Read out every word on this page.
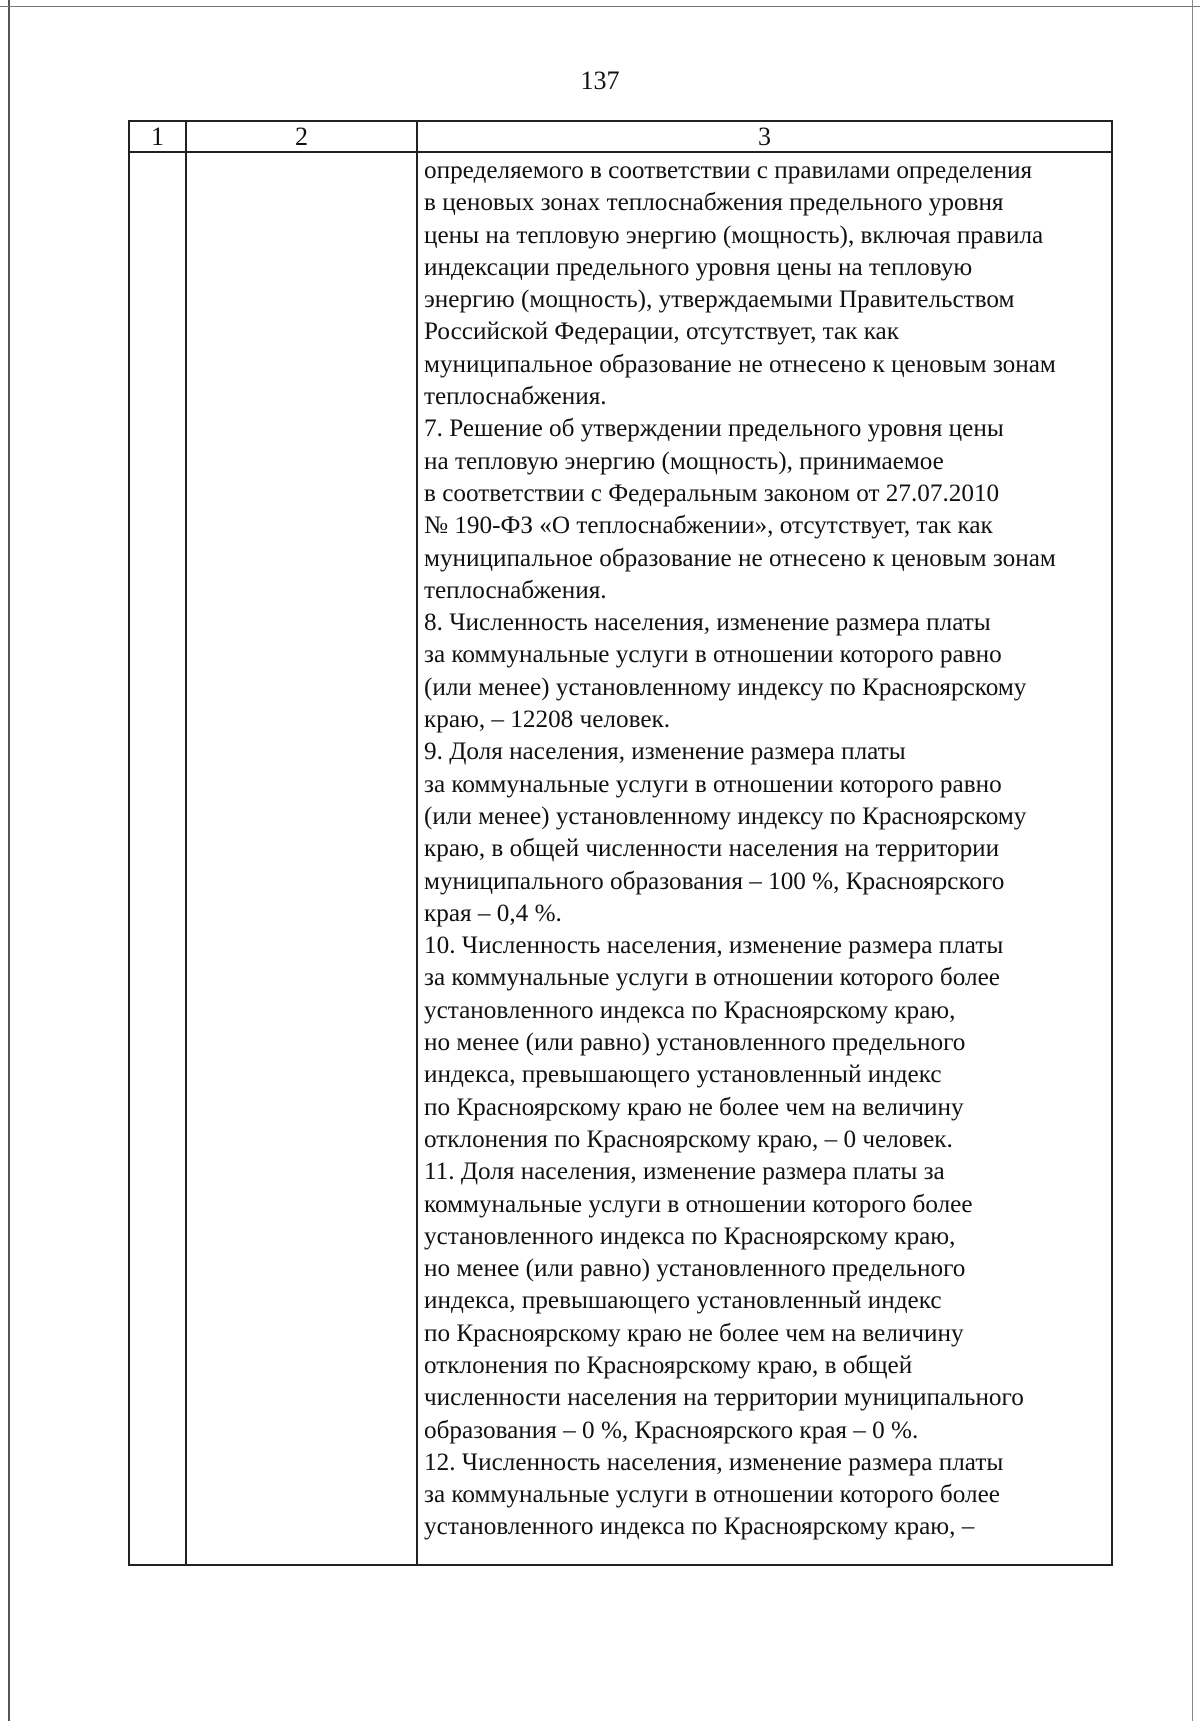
137
1	2	3
определяемого в соответствии с правилами определения
в ценовых зонах теплоснабжения предельного уровня
цены на тепловую энергию (мощность), включая правила
индексации предельного уровня цены на тепловую
энергию (мощность), утверждаемыми Правительством
Российской Федерации, отсутствует, так как
муниципальное образование не отнесено к ценовым зонам
теплоснабжения.
7. Решение об утверждении предельного уровня цены
на тепловую энергию (мощность), принимаемое
в соответствии с Федеральным законом от 27.07.2010
№ 190-ФЗ «О теплоснабжении», отсутствует, так как
муниципальное образование не отнесено к ценовым зонам
теплоснабжения.
8. Численность населения, изменение размера платы
за коммунальные услуги в отношении которого равно
(или менее) установленному индексу по Красноярскому
краю, – 12208 человек.
9. Доля населения, изменение размера платы
за коммунальные услуги в отношении которого равно
(или менее) установленному индексу по Красноярскому
краю, в общей численности населения на территории
муниципального образования – 100 %, Красноярского
края – 0,4 %.
10. Численность населения, изменение размера платы
за коммунальные услуги в отношении которого более
установленного индекса по Красноярскому краю,
но менее (или равно) установленного предельного
индекса, превышающего установленный индекс
по Красноярскому краю не более чем на величину
отклонения по Красноярскому краю, – 0 человек.
11. Доля населения, изменение размера платы за
коммунальные услуги в отношении которого более
установленного индекса по Красноярскому краю,
но менее (или равно) установленного предельного
индекса, превышающего установленный индекс
по Красноярскому краю не более чем на величину
отклонения по Красноярскому краю, в общей
численности населения на территории муниципального
образования – 0 %, Красноярского края – 0 %.
12. Численность населения, изменение размера платы
за коммунальные услуги в отношении которого более
установленного индекса по Красноярскому краю, –
